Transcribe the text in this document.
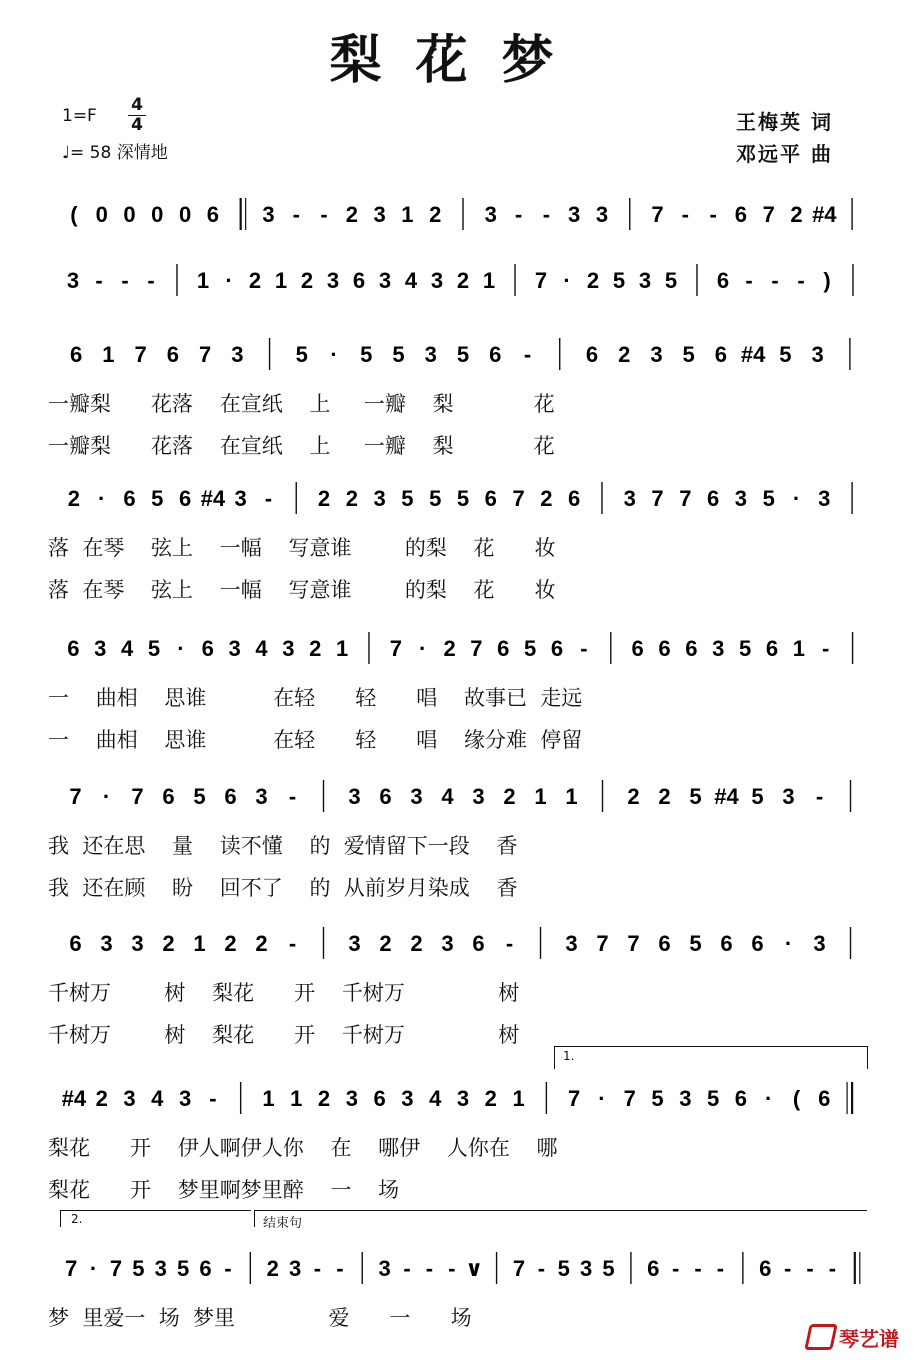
梨花梦
$1=F \frac{4}{4}$
♩= 58 深情地
王梅英 词
邓远平 曲
( 0 0 0 0 6 3 - - 2 3 1 2 3 - - 3 3 7 - - 6 7 2 #4
3 - - - 1 · 2 1 2 3 6 3 4 3 2 1 7 · 2 5 3 5 6 - - - )
6 1 7 6 7 3 5 · 5 5 3 5 6 - 6 2 3 5 6 #4 5 3
一瓣梨      花落    在宣纸    上     一瓣    梨            花
一瓣梨      花落    在宣纸    上     一瓣    梨            花
2 · 6 5 6 #4 3 - 2 2 3 5 5 5 6 7 2 6 3 7 7 6 3 5 · 3
落  在琴    弦上    一幅    写意谁        的梨    花      妆
落  在琴    弦上    一幅    写意谁        的梨    花      妆
6 3 4 5 · 6 3 4 3 2 1 7 · 2 7 6 5 6 - 6 6 6 3 5 6 1 -
一    曲相    思谁          在轻      轻      唱    故事已  走远
一    曲相    思谁          在轻      轻      唱    缘分难  停留
7 · 7 6 5 6 3 - 3 6 3 4 3 2 1 1 2 2 5 #4 5 3 -
我  还在思    量    读不懂    的  爱情留下一段    香
我  还在顾    盼    回不了    的  从前岁月染成    香
6 3 3 2 1 2 2 - 3 2 2 3 6 - 3 7 7 6 5 6 6 · 3
千树万        树    梨花      开    千树万              树
千树万        树    梨花      开    千树万              树
#4 2 3 4 3 - 1 1 2 3 6 3 4 3 2 1 7 · 7 5 3 5 6 · ( 6
梨花      开    伊人啊伊人你    在    哪伊    人你在    哪
梨花      开    梦里啊梦里醉    一    场
7 · 7 5 3 5 6 - 2 3 - - 3 - - - ∨ 7 - 5 3 5 6 - - - 6 - - -
梦  里爱一  场  梦里              爱      一      场
1.
2.	结束句
琴艺谱
